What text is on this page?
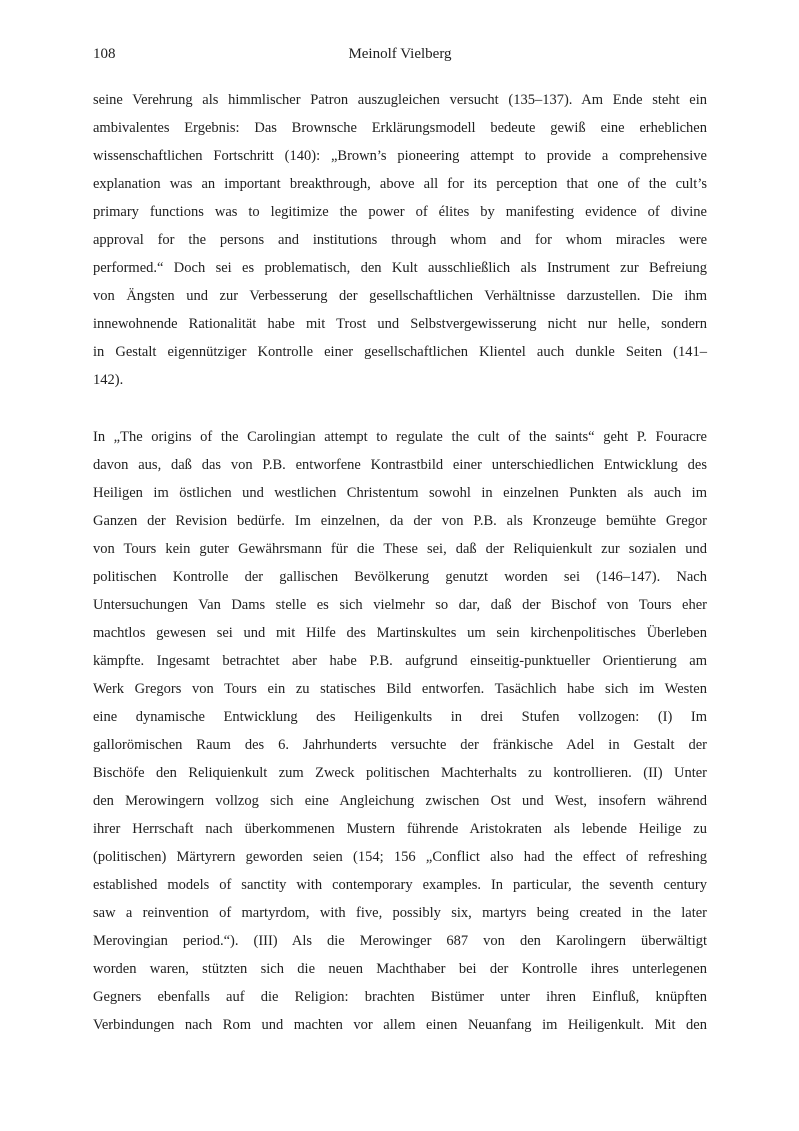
108	Meinolf Vielberg
seine Verehrung als himmlischer Patron auszugleichen versucht (135–137). Am Ende steht ein
ambivalentes Ergebnis: Das Brownsche Erklärungsmodell bedeute gewiß eine erheblichen
wissenschaftlichen Fortschritt (140): „Brown’s pioneering attempt to provide a comprehensive
explanation was an important breakthrough, above all for its perception that one of the cult’s
primary functions was to legitimize the power of élites by manifesting evidence of divine
approval for the persons and institutions through whom and for whom miracles were
performed.“ Doch sei es problematisch, den Kult ausschließlich als Instrument zur Befreiung
von Ängsten und zur Verbesserung der gesellschaftlichen Verhältnisse darzustellen. Die ihm
innewohnende Rationalität habe mit Trost und Selbstvergewisserung nicht nur helle, sondern
in Gestalt eigennütziger Kontrolle einer gesellschaftlichen Klientel auch dunkle Seiten (141–
142).
In „The origins of the Carolingian attempt to regulate the cult of the saints“ geht P. Fouracre
davon aus, daß das von P.B. entworfene Kontrastbild einer unterschiedlichen Entwicklung des
Heiligen im östlichen und westlichen Christentum sowohl in einzelnen Punkten als auch im
Ganzen der Revision bedürfe. Im einzelnen, da der von P.B. als Kronzeuge bemühte Gregor
von Tours kein guter Gewährsmann für die These sei, daß der Reliquienkult zur sozialen und
politischen Kontrolle der gallischen Bevölkerung genutzt worden sei (146–147). Nach
Untersuchungen Van Dams stelle es sich vielmehr so dar, daß der Bischof von Tours eher
machtlos gewesen sei und mit Hilfe des Martinskultes um sein kirchenpolitisches Überleben
kämpfte. Ingesamt betrachtet aber habe P.B. aufgrund einseitig-punktueller Orientierung am
Werk Gregors von Tours ein zu statisches Bild entworfen. Tasächlich habe sich im Westen
eine dynamische Entwicklung des Heiligenkults in drei Stufen vollzogen: (I) Im
gallorömischen Raum des 6. Jahrhunderts versuchte der fränkische Adel in Gestalt der
Bischöfe den Reliquienkult zum Zweck politischen Machterhalts zu kontrollieren. (II) Unter
den Merowingern vollzog sich eine Angleichung zwischen Ost und West, insofern während
ihrer Herrschaft nach überkommenen Mustern führende Aristokraten als lebende Heilige zu
(politischen) Märtyrern geworden seien (154; 156 „Conflict also had the effect of refreshing
established models of sanctity with contemporary examples. In particular, the seventh century
saw a reinvention of martyrdom, with five, possibly six, martyrs being created in the later
Merovingian period.“). (III) Als die Merowinger 687 von den Karolingern überwältigt
worden waren, stützten sich die neuen Machthaber bei der Kontrolle ihres unterlegenen
Gegners ebenfalls auf die Religion: brachten Bistümer unter ihren Einfluß, knüpften
Verbindungen nach Rom und machten vor allem einen Neuanfang im Heiligenkult. Mit den
